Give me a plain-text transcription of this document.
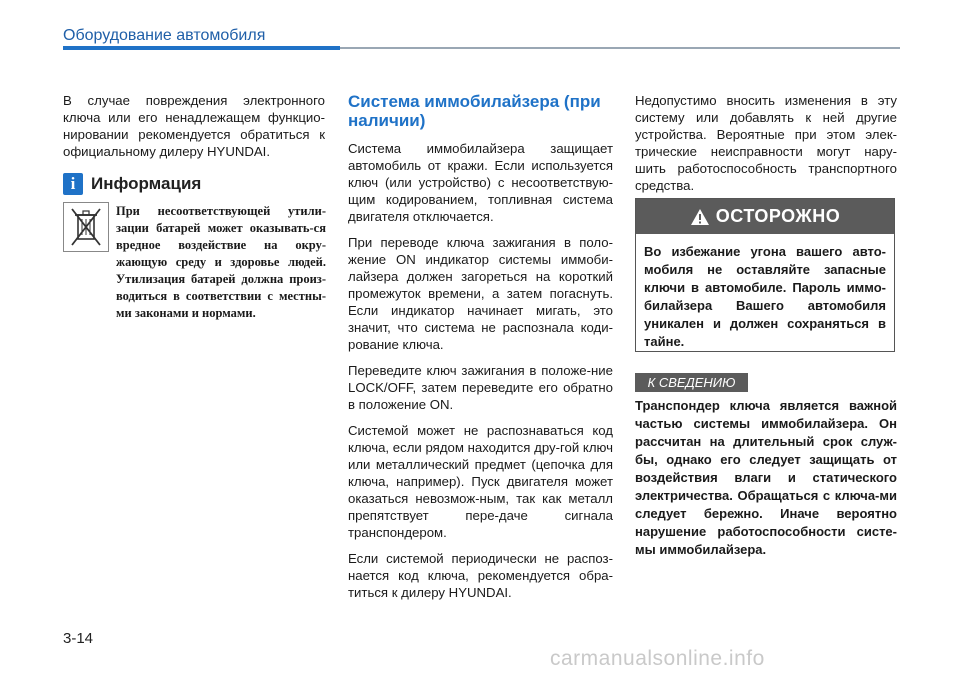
Оборудование автомобиля

В случае повреждения электронного ключа или его ненадлежащем функцио-нировании рекомендуется обратиться к официальному дилеру HYUNDAI.

i Информация
При несоответствующей утили-зации батарей может оказывать-ся вредное воздействие на окру-жающую среду и здоровье людей. Утилизация батарей должна произ-водиться в соответствии с местны-ми законами и нормами.
Система иммобилайзера (при наличии)

Система иммобилайзера защищает автомобиль от кражи. Если используется ключ (или устройство) с несоответствую-щим кодированием, топливная система двигателя отключается.

При переводе ключа зажигания в поло-жение ON индикатор системы иммоби-лайзера должен загореться на короткий промежуток времени, а затем погаснуть. Если индикатор начинает мигать, это значит, что система не распознала коди-рование ключа.

Переведите ключ зажигания в положе-ние LOCK/OFF, затем переведите его обратно в положение ON.

Системой может не распознаваться код ключа, если рядом находится дру-гой ключ или металлический предмет (цепочка для ключа, например). Пуск двигателя может оказаться невозмож-ным, так как металл препятствует пере-даче сигнала транспондером.

Если системой периодически не распоз-нается код ключа, рекомендуется обра-титься к дилеру HYUNDAI.

Недопустимо вносить изменения в эту систему или добавлять к ней другие устройства. Вероятные при этом элек-трические неисправности могут нару-шить работоспособность транспортного средства.

ОСТОРОЖНО
Во избежание угона вашего авто-мобиля не оставляйте запасные ключи в автомобиле. Пароль иммо-билайзера Вашего автомобиля уникален и должен сохраняться в тайне.
К СВЕДЕНИЮ
Транспондер ключа является важной частью системы иммобилайзера. Он рассчитан на длительный срок служ-бы, однако его следует защищать от воздействия влаги и статического электричества. Обращаться с ключа-ми следует бережно. Иначе вероятно нарушение работоспособности систе-мы иммобилайзера.
3-14
carmanualsonline.info
